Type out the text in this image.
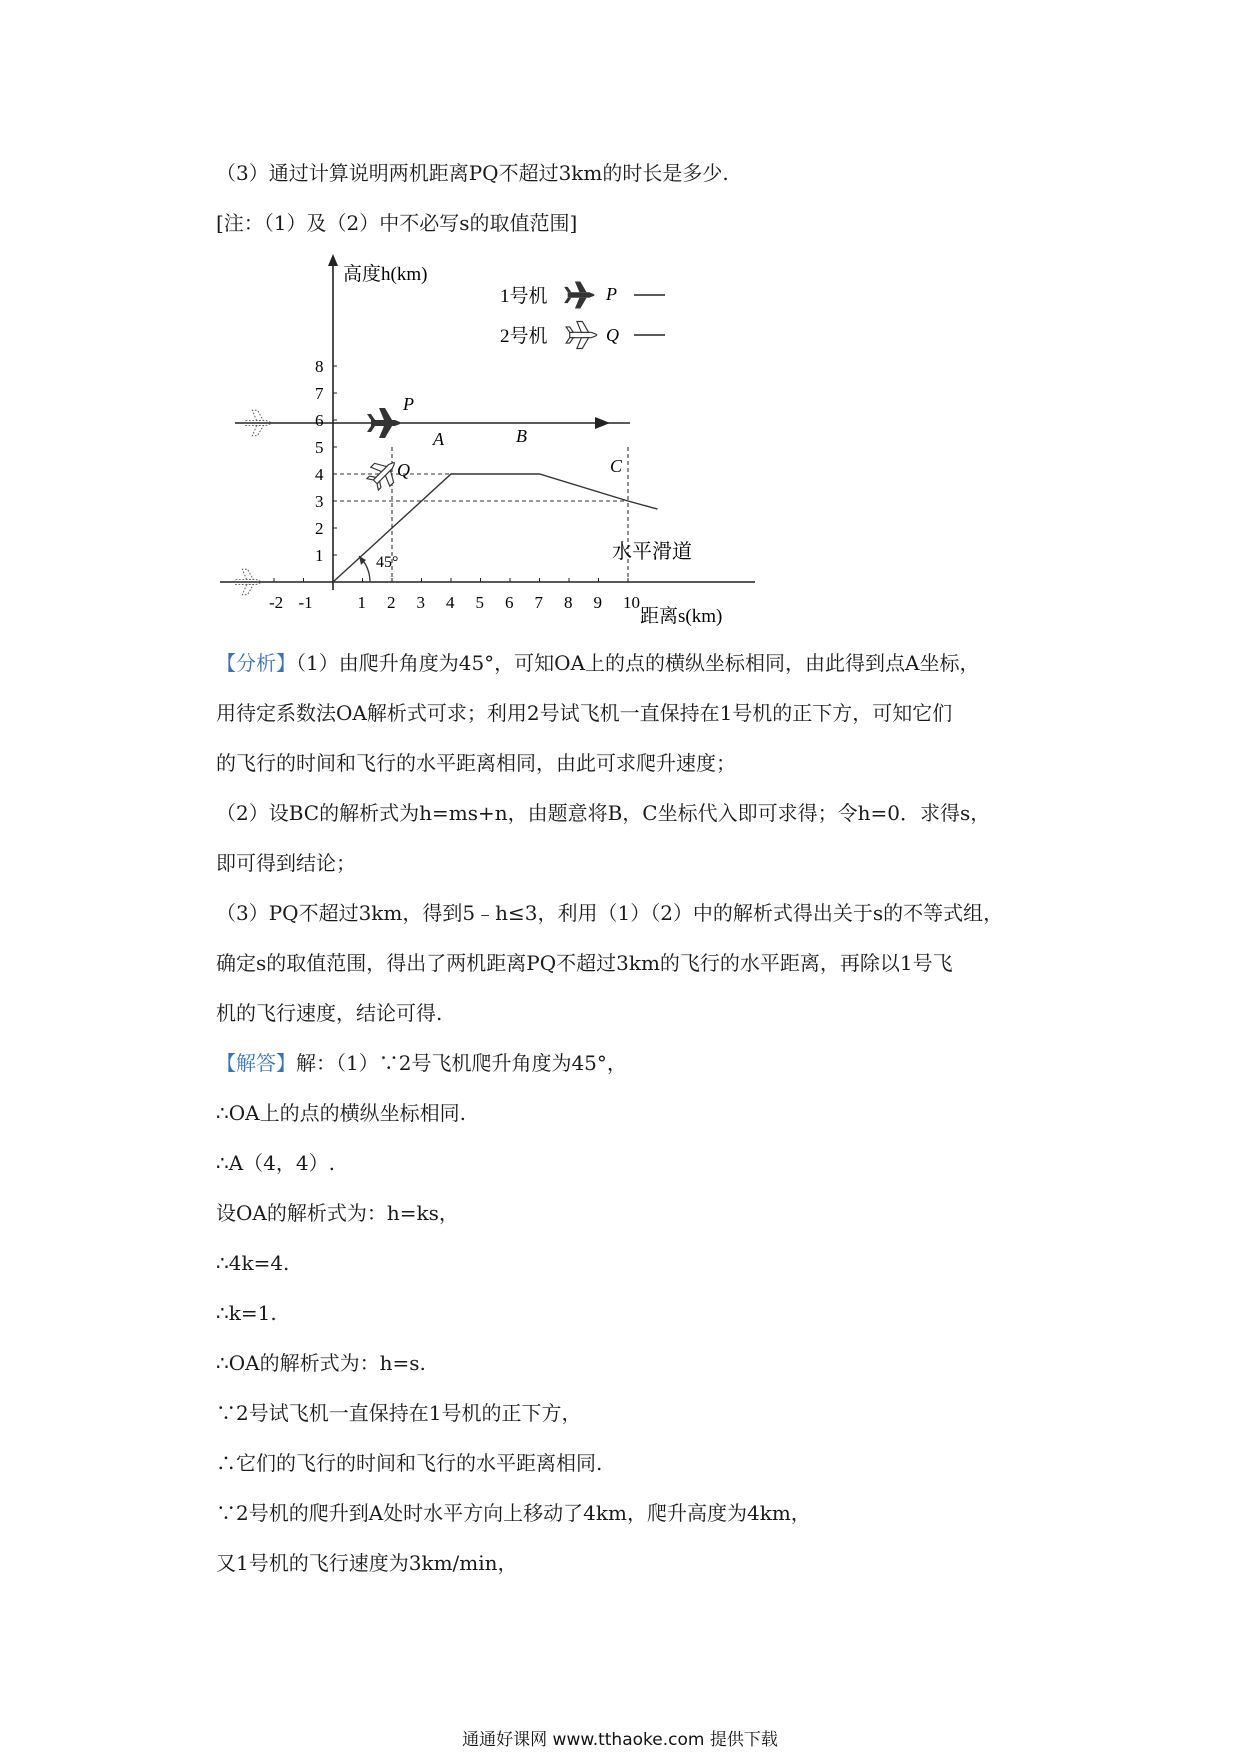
（3）通过计算说明两机距离PQ不超过3km的时长是多少.
[注：（1）及（2）中不必写s的取值范围]
高度h(km)
距离s(km)
-2 -1	1 2 3 4 5 6 7 8 9 10
1
2
3
4
5
6
7
8
P
Q
A	B
C
45°	水平滑道
1号机	P
2号机	Q
【分析】（1）由爬升角度为45°，可知OA上的点的横纵坐标相同，由此得到点A坐标，
用待定系数法OA解析式可求；利用2号试飞机一直保持在1号机的正下方，可知它们
的飞行的时间和飞行的水平距离相同，由此可求爬升速度；
（2）设BC的解析式为h=ms+n，由题意将B，C坐标代入即可求得；令h=0．求得s，
即可得到结论；
（3）PQ不超过3km，得到5﹣h≤3，利用（1）（2）中的解析式得出关于s的不等式组，
确定s的取值范围，得出了两机距离PQ不超过3km的飞行的水平距离，再除以1号飞
机的飞行速度，结论可得.
【解答】解：（1）∵2号飞机爬升角度为45°，
∴OA上的点的横纵坐标相同.
∴A（4，4）.
设OA的解析式为：h=ks，
∴4k=4.
∴k=1.
∴OA的解析式为：h=s.
∵2号试飞机一直保持在1号机的正下方，
∴它们的飞行的时间和飞行的水平距离相同.
∵2号机的爬升到A处时水平方向上移动了4km，爬升高度为4km，
又1号机的飞行速度为3km/min，
通通好课网 www.tthaoke.com 提供下载
